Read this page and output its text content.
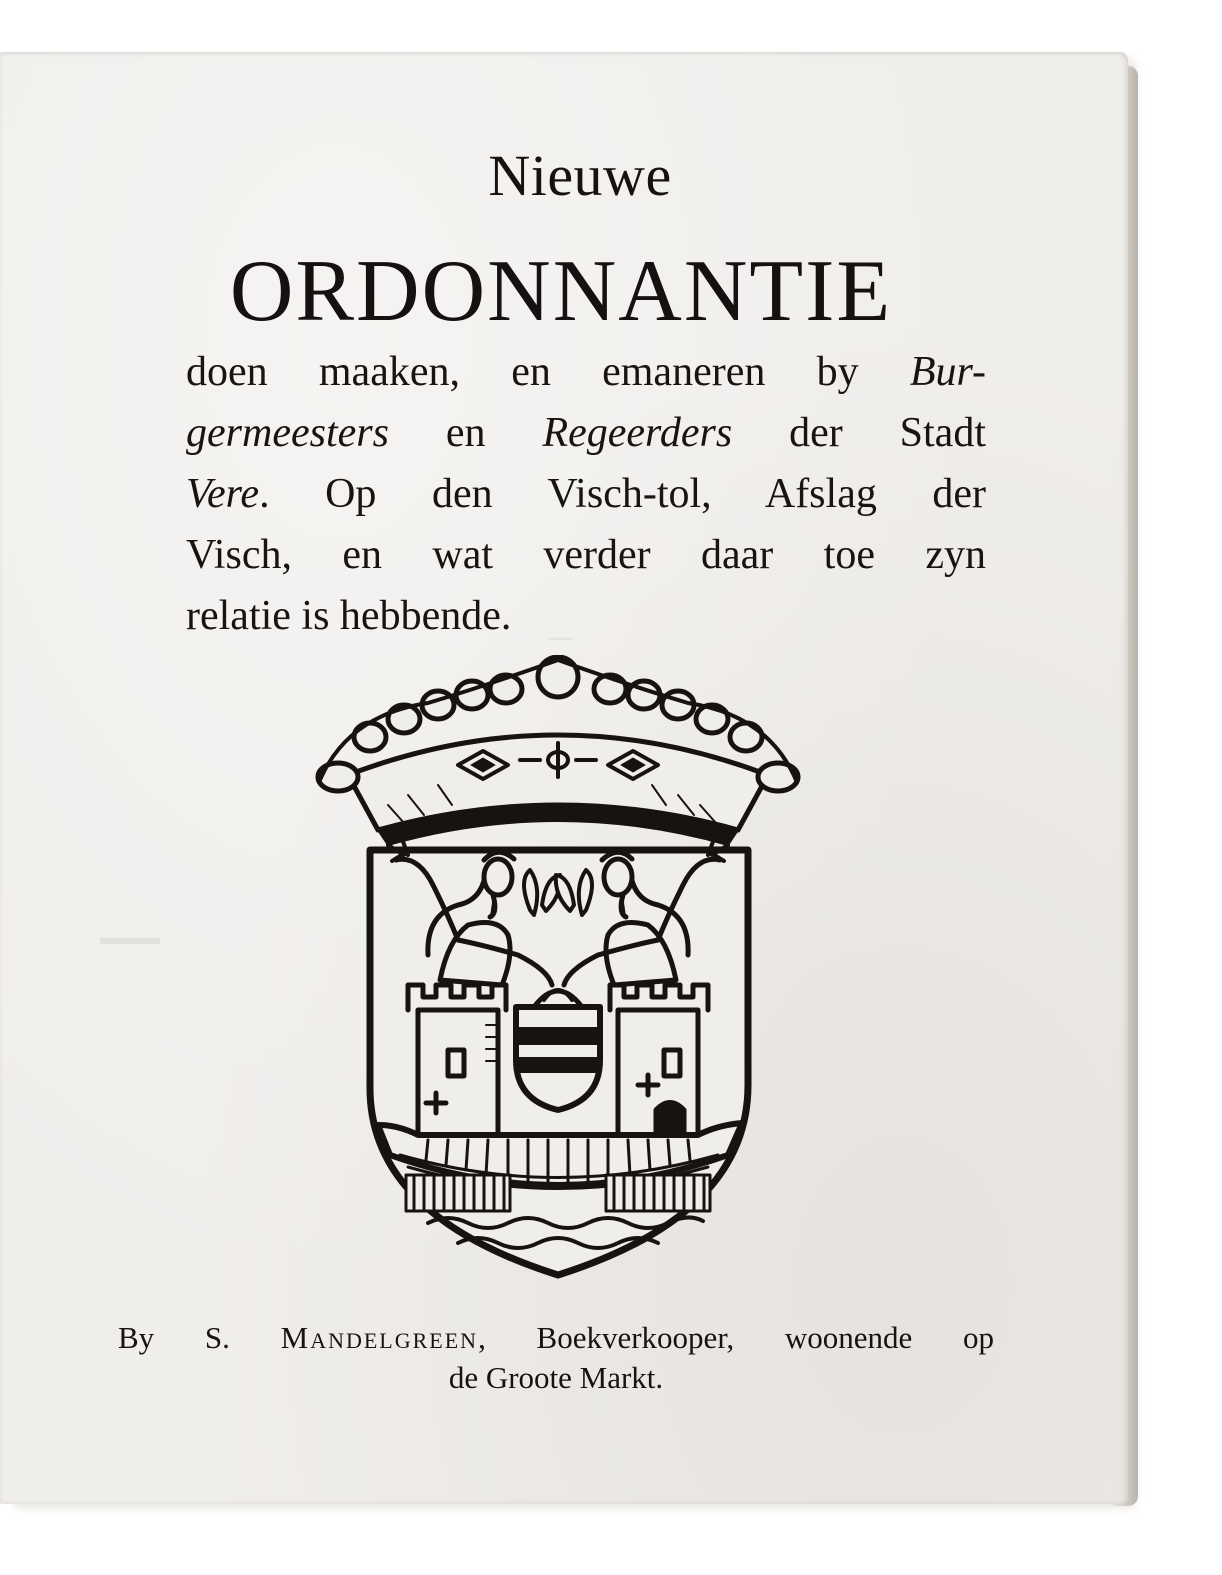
Nieuwe
ORDONNANTIE
doen maaken, en emaneren by Bur-
germeesters en Regeerders der Stadt
Vere. Op den Visch-tol, Afslag der
Visch, en wat verder daar toe zyn
relatie is hebbende.
By S. Mandelgreen, Boekverkooper, woonende op
de Groote Markt.
